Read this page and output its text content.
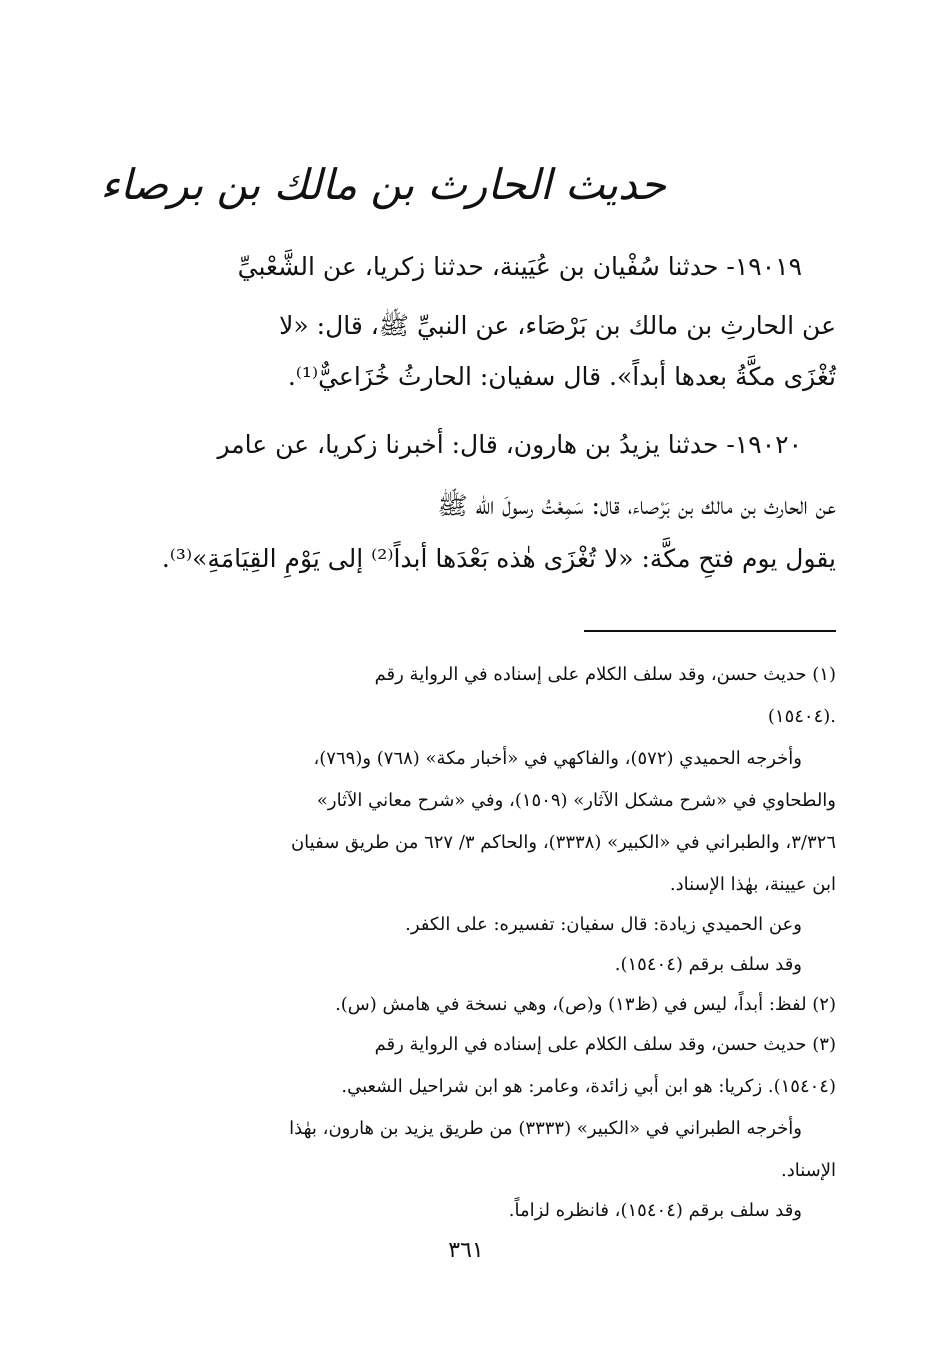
حديث الحارث بن مالك بن برصاء
١٩٠١٩- حدثنا سُفْيان بن عُيَينة، حدثنا زكريا، عن الشَّعْبيِّ
عن الحارثِ بن مالك بن بَرْصَاء، عن النبيِّ ﷺ، قال: «لا
تُغْزَى مكَّةُ بعدها أبداً». قال سفيان: الحارثُ خُزَاعيٌّ⁽¹⁾.
١٩٠٢٠- حدثنا يزيدُ بن هارون، قال: أخبرنا زكريا، عن عامر
عن الحارث بن مالك بن بَرْصاء، قال: سَمِعْتُ رسولَ الله ﷺ
يقول يوم فتحِ مكَّة: «لا تُغْزَى هٰذه بَعْدَها أبداً⁽²⁾ إلى يَوْمِ القِيَامَةِ»⁽³⁾.
(١) حديث حسن، وقد سلف الكلام على إسناده في الرواية رقم
(١٥٤٠٤).
وأخرجه الحميدي (٥٧٢)، والفاكهي في «أخبار مكة» (٧٦٨) و(٧٦٩)،
والطحاوي في «شرح مشكل الآثار» (١٥٠٩)، وفي «شرح معاني الآثار»
٣/٣٢٦، والطبراني في «الكبير» (٣٣٣٨)، والحاكم ٣/ ٦٢٧ من طريق سفيان
ابن عيينة، بهٰذا الإسناد.
وعن الحميدي زيادة: قال سفيان: تفسيره: على الكفر.
وقد سلف برقم (١٥٤٠٤).
(٢) لفظ: أبداً، ليس في (ظ١٣) و(ص)، وهي نسخة في هامش (س).
(٣) حديث حسن، وقد سلف الكلام على إسناده في الرواية رقم
(١٥٤٠٤). زكريا: هو ابن أبي زائدة، وعامر: هو ابن شراحيل الشعبي.
وأخرجه الطبراني في «الكبير» (٣٣٣٣) من طريق يزيد بن هارون، بهٰذا
الإسناد.
وقد سلف برقم (١٥٤٠٤)، فانظره لزاماً.
٣٦١
